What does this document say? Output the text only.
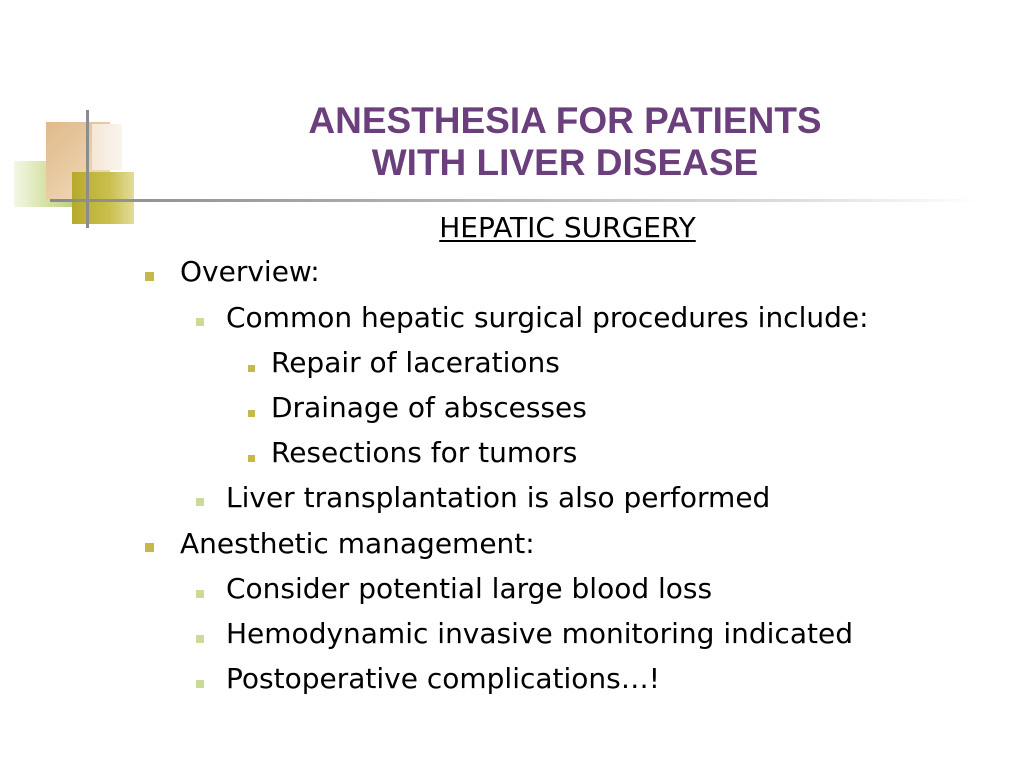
ANESTHESIA FOR PATIENTS
WITH LIVER DISEASE
HEPATIC SURGERY
Overview:
Common hepatic surgical procedures include:
Repair of lacerations
Drainage of abscesses
Resections for tumors
Liver transplantation is also performed
Anesthetic management:
Consider potential large blood loss
Hemodynamic invasive monitoring indicated
Postoperative complications…!
